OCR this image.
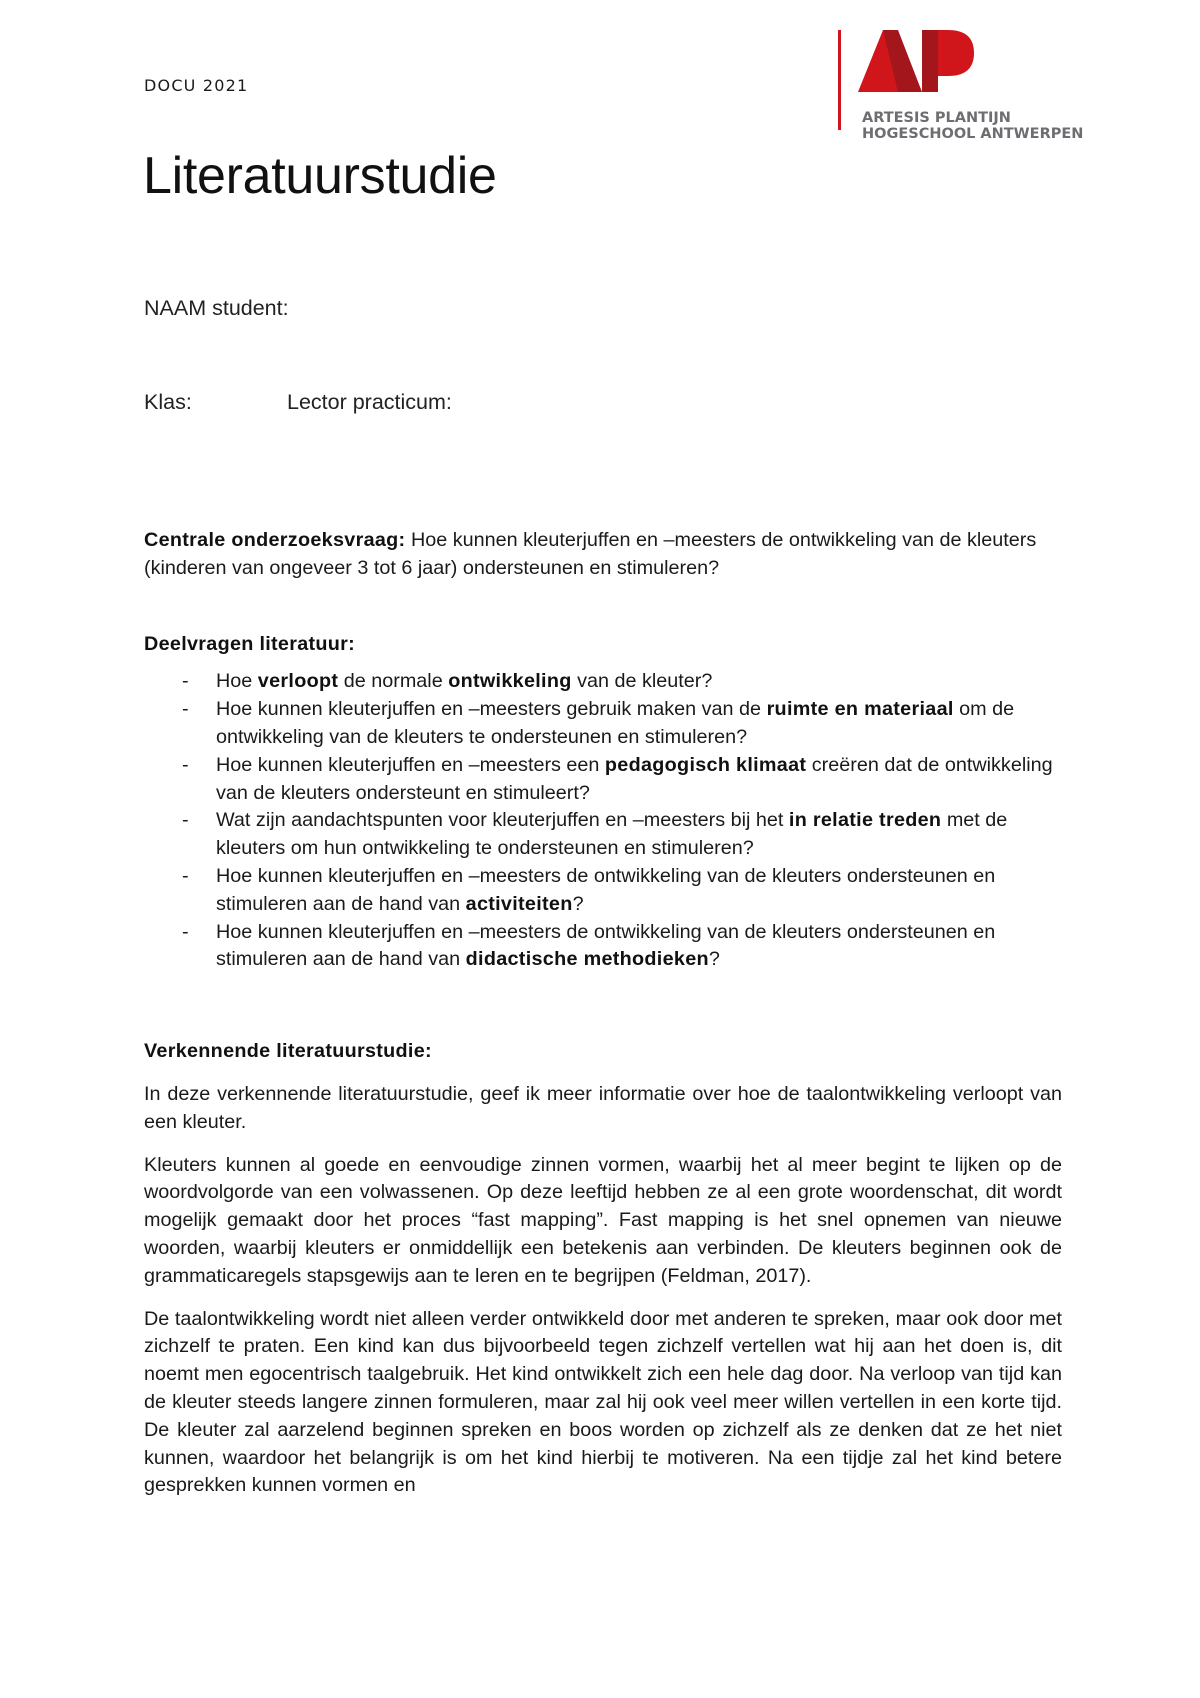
DOCU 2021
ARTESIS PLANTIJN
HOGESCHOOL ANTWERPEN
Literatuurstudie
NAAM student:
Klas:	Lector practicum:

Centrale onderzoeksvraag: Hoe kunnen kleuterjuffen en –meesters de ontwikkeling van de kleuters (kinderen van ongeveer 3 tot 6 jaar) ondersteunen en stimuleren?

Deelvragen literatuur:

- Hoe verloopt de normale ontwikkeling van de kleuter?
- Hoe kunnen kleuterjuffen en –meesters gebruik maken van de ruimte en materiaal om de ontwikkeling van de kleuters te ondersteunen en stimuleren?
- Hoe kunnen kleuterjuffen en –meesters een pedagogisch klimaat creëren dat de ontwikkeling van de kleuters ondersteunt en stimuleert?
- Wat zijn aandachtspunten voor kleuterjuffen en –meesters bij het in relatie treden met de kleuters om hun ontwikkeling te ondersteunen en stimuleren?
- Hoe kunnen kleuterjuffen en –meesters de ontwikkeling van de kleuters ondersteunen en stimuleren aan de hand van activiteiten?
- Hoe kunnen kleuterjuffen en –meesters de ontwikkeling van de kleuters ondersteunen en stimuleren aan de hand van didactische methodieken?

Verkennende literatuurstudie:

In deze verkennende literatuurstudie, geef ik meer informatie over hoe de taalontwikkeling verloopt van een kleuter.

Kleuters kunnen al goede en eenvoudige zinnen vormen, waarbij het al meer begint te lijken op de woordvolgorde van een volwassenen. Op deze leeftijd hebben ze al een grote woordenschat, dit wordt mogelijk gemaakt door het proces “fast mapping”. Fast mapping is het snel opnemen van nieuwe woorden, waarbij kleuters er onmiddellijk een betekenis aan verbinden. De kleuters beginnen ook de grammaticaregels stapsgewijs aan te leren en te begrijpen (Feldman, 2017).

De taalontwikkeling wordt niet alleen verder ontwikkeld door met anderen te spreken, maar ook door met zichzelf te praten. Een kind kan dus bijvoorbeeld tegen zichzelf vertellen wat hij aan het doen is, dit noemt men egocentrisch taalgebruik. Het kind ontwikkelt zich een hele dag door. Na verloop van tijd kan de kleuter steeds langere zinnen formuleren, maar zal hij ook veel meer willen vertellen in een korte tijd. De kleuter zal aarzelend beginnen spreken en boos worden op zichzelf als ze denken dat ze het niet kunnen, waardoor het belangrijk is om het kind hierbij te motiveren. Na een tijdje zal het kind betere gesprekken kunnen vormen en
